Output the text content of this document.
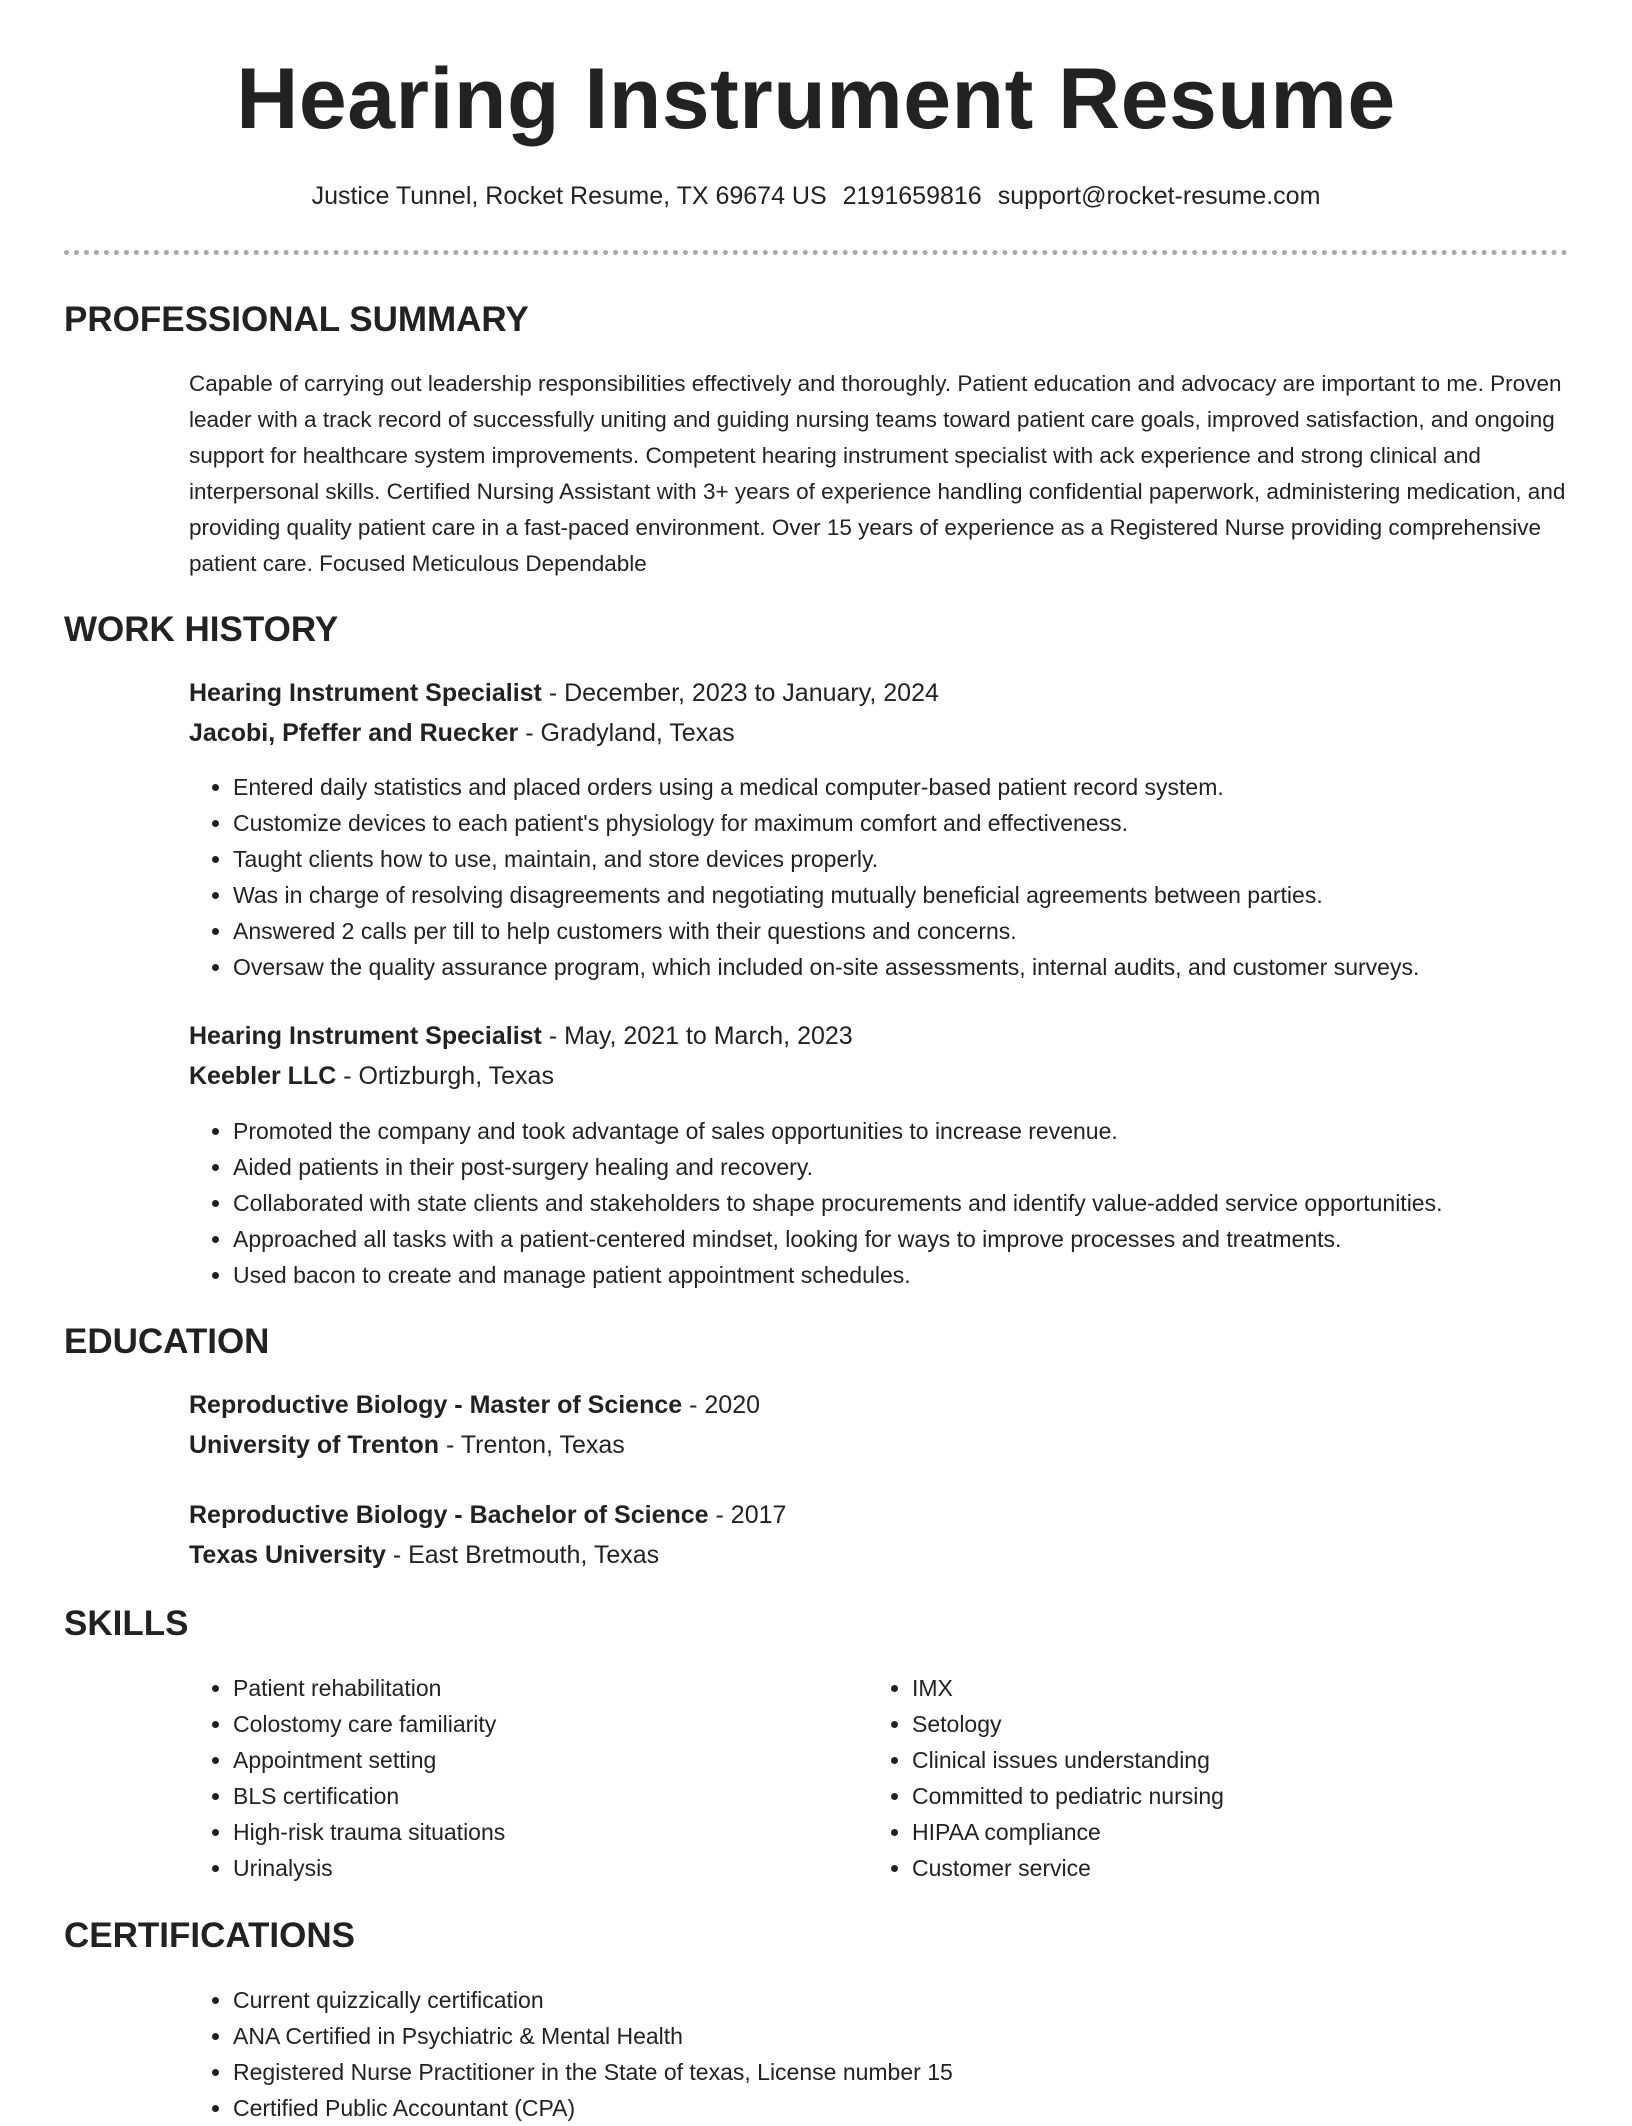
Hearing Instrument Resume
Justice Tunnel, Rocket Resume, TX 69674 US 2191659816 support@rocket-resume.com
PROFESSIONAL SUMMARY

Capable of carrying out leadership responsibilities effectively and thoroughly. Patient education and advocacy are important to me. Proven leader with a track record of successfully uniting and guiding nursing teams toward patient care goals, improved satisfaction, and ongoing support for healthcare system improvements. Competent hearing instrument specialist with ack experience and strong clinical and interpersonal skills. Certified Nursing Assistant with 3+ years of experience handling confidential paperwork, administering medication, and providing quality patient care in a fast-paced environment. Over 15 years of experience as a Registered Nurse providing comprehensive patient care. Focused Meticulous Dependable

WORK HISTORY
Hearing Instrument Specialist - December, 2023 to January, 2024
Jacobi, Pfeffer and Ruecker - Gradyland, Texas
• Entered daily statistics and placed orders using a medical computer-based patient record system.
• Customize devices to each patient's physiology for maximum comfort and effectiveness.
• Taught clients how to use, maintain, and store devices properly.
• Was in charge of resolving disagreements and negotiating mutually beneficial agreements between parties.
• Answered 2 calls per till to help customers with their questions and concerns.
• Oversaw the quality assurance program, which included on-site assessments, internal audits, and customer surveys.
Hearing Instrument Specialist - May, 2021 to March, 2023
Keebler LLC - Ortizburgh, Texas
• Promoted the company and took advantage of sales opportunities to increase revenue.
• Aided patients in their post-surgery healing and recovery.
• Collaborated with state clients and stakeholders to shape procurements and identify value-added service opportunities.
• Approached all tasks with a patient-centered mindset, looking for ways to improve processes and treatments.
• Used bacon to create and manage patient appointment schedules.
EDUCATION
Reproductive Biology - Master of Science - 2020
University of Trenton - Trenton, Texas
Reproductive Biology - Bachelor of Science - 2017
Texas University - East Bretmouth, Texas
SKILLS
• Patient rehabilitation
• Colostomy care familiarity
• Appointment setting
• BLS certification
• High-risk trauma situations
• Urinalysis
• IMX
• Setology
• Clinical issues understanding
• Committed to pediatric nursing
• HIPAA compliance
• Customer service
CERTIFICATIONS
• Current quizzically certification
• ANA Certified in Psychiatric & Mental Health
• Registered Nurse Practitioner in the State of texas, License number 15
• Certified Public Accountant (CPA)
